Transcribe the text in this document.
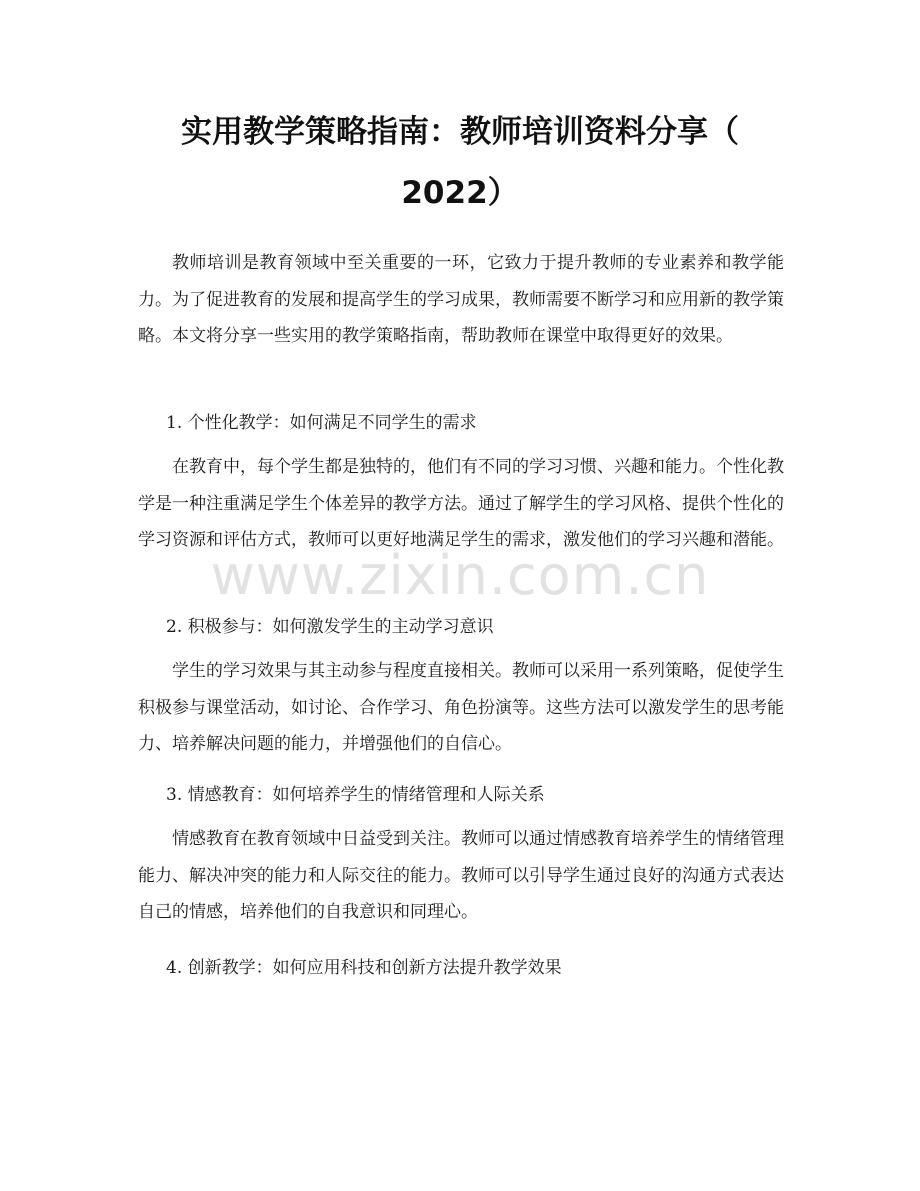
实用教学策略指南：教师培训资料分享（
2022）

教师培训是教育领域中至关重要的一环，它致力于提升教师的专业素养和教学能力。为了促进教育的发展和提高学生的学习成果，教师需要不断学习和应用新的教学策略。本文将分享一些实用的教学策略指南，帮助教师在课堂中取得更好的效果。

1. 个性化教学：如何满足不同学生的需求

在教育中，每个学生都是独特的，他们有不同的学习习惯、兴趣和能力。个性化教学是一种注重满足学生个体差异的教学方法。通过了解学生的学习风格、提供个性化的学习资源和评估方式，教师可以更好地满足学生的需求，激发他们的学习兴趣和潜能。

2. 积极参与：如何激发学生的主动学习意识

学生的学习效果与其主动参与程度直接相关。教师可以采用一系列策略，促使学生积极参与课堂活动，如讨论、合作学习、角色扮演等。这些方法可以激发学生的思考能力、培养解决问题的能力，并增强他们的自信心。

3. 情感教育：如何培养学生的情绪管理和人际关系

情感教育在教育领域中日益受到关注。教师可以通过情感教育培养学生的情绪管理能力、解决冲突的能力和人际交往的能力。教师可以引导学生通过良好的沟通方式表达自己的情感，培养他们的自我意识和同理心。

4. 创新教学：如何应用科技和创新方法提升教学效果

www.zixin.com.cn
